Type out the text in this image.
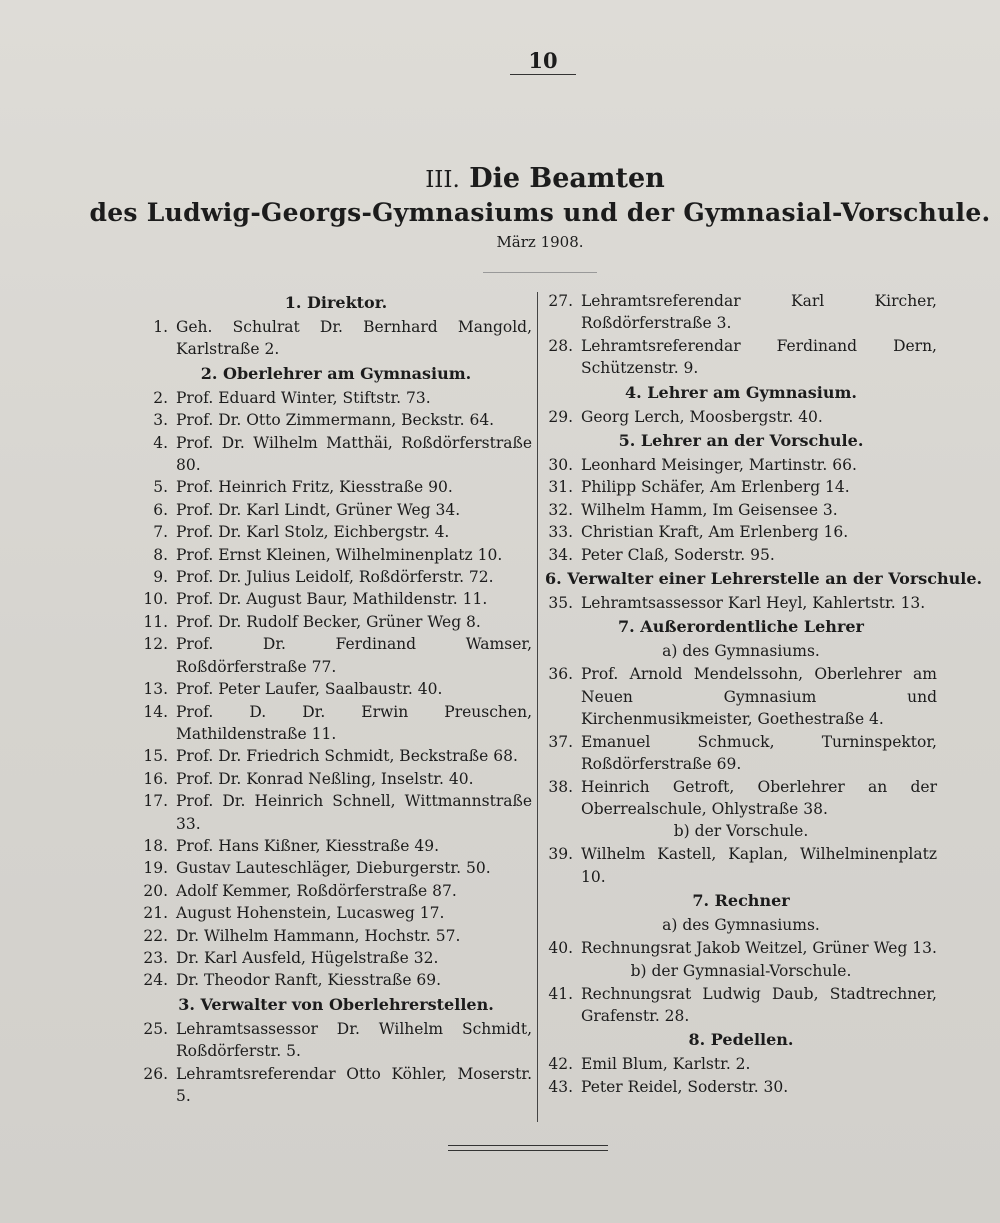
10
III. Die Beamten
des Ludwig-Georgs-Gymnasiums und der Gymnasial-Vorschule.
März 1908.
1. Direktor.
1. Geh. Schulrat Dr. Bernhard Mangold, Karlstraße 2.
2. Oberlehrer am Gymnasium.
2. Prof. Eduard Winter, Stiftstr. 73.
3. Prof. Dr. Otto Zimmermann, Beckstr. 64.
4. Prof. Dr. Wilhelm Matthäi, Roßdörferstraße 80.
5. Prof. Heinrich Fritz, Kiesstraße 90.
6. Prof. Dr. Karl Lindt, Grüner Weg 34.
7. Prof. Dr. Karl Stolz, Eichbergstr. 4.
8. Prof. Ernst Kleinen, Wilhelminenplatz 10.
9. Prof. Dr. Julius Leidolf, Roßdörferstr. 72.
10. Prof. Dr. August Baur, Mathildenstr. 11.
11. Prof. Dr. Rudolf Becker, Grüner Weg 8.
12. Prof. Dr. Ferdinand Wamser, Roßdörferstraße 77.
13. Prof. Peter Laufer, Saalbaustr. 40.
14. Prof. D. Dr. Erwin Preuschen, Mathildenstraße 11.
15. Prof. Dr. Friedrich Schmidt, Beckstraße 68.
16. Prof. Dr. Konrad Neßling, Inselstr. 40.
17. Prof. Dr. Heinrich Schnell, Wittmannstraße 33.
18. Prof. Hans Kißner, Kiesstraße 49.
19. Gustav Lauteschläger, Dieburgerstr. 50.
20. Adolf Kemmer, Roßdörferstraße 87.
21. August Hohenstein, Lucasweg 17.
22. Dr. Wilhelm Hammann, Hochstr. 57.
23. Dr. Karl Ausfeld, Hügelstraße 32.
24. Dr. Theodor Ranft, Kiesstraße 69.
3. Verwalter von Oberlehrerstellen.
25. Lehramtsassessor Dr. Wilhelm Schmidt, Roßdörferstr. 5.
26. Lehramtsreferendar Otto Köhler, Moserstr. 5.
27. Lehramtsreferendar Karl Kircher, Roßdörferstraße 3.
28. Lehramtsreferendar Ferdinand Dern, Schützenstr. 9.
4. Lehrer am Gymnasium.
29. Georg Lerch, Moosbergstr. 40.
5. Lehrer an der Vorschule.
30. Leonhard Meisinger, Martinstr. 66.
31. Philipp Schäfer, Am Erlenberg 14.
32. Wilhelm Hamm, Im Geisensee 3.
33. Christian Kraft, Am Erlenberg 16.
34. Peter Claß, Soderstr. 95.
6. Verwalter einer Lehrerstelle an der Vorschule.
35. Lehramtsassessor Karl Heyl, Kahlertstr. 13.
7. Außerordentliche Lehrer
a) des Gymnasiums.
36. Prof. Arnold Mendelssohn, Oberlehrer am Neuen Gymnasium und Kirchenmusikmeister, Goethestraße 4.
37. Emanuel Schmuck, Turninspektor, Roßdörferstraße 69.
38. Heinrich Getroft, Oberlehrer an der Oberrealschule, Ohlystraße 38.
b) der Vorschule.
39. Wilhelm Kastell, Kaplan, Wilhelminenplatz 10.
7. Rechner
a) des Gymnasiums.
40. Rechnungsrat Jakob Weitzel, Grüner Weg 13.
b) der Gymnasial-Vorschule.
41. Rechnungsrat Ludwig Daub, Stadtrechner, Grafenstr. 28.
8. Pedellen.
42. Emil Blum, Karlstr. 2.
43. Peter Reidel, Soderstr. 30.
